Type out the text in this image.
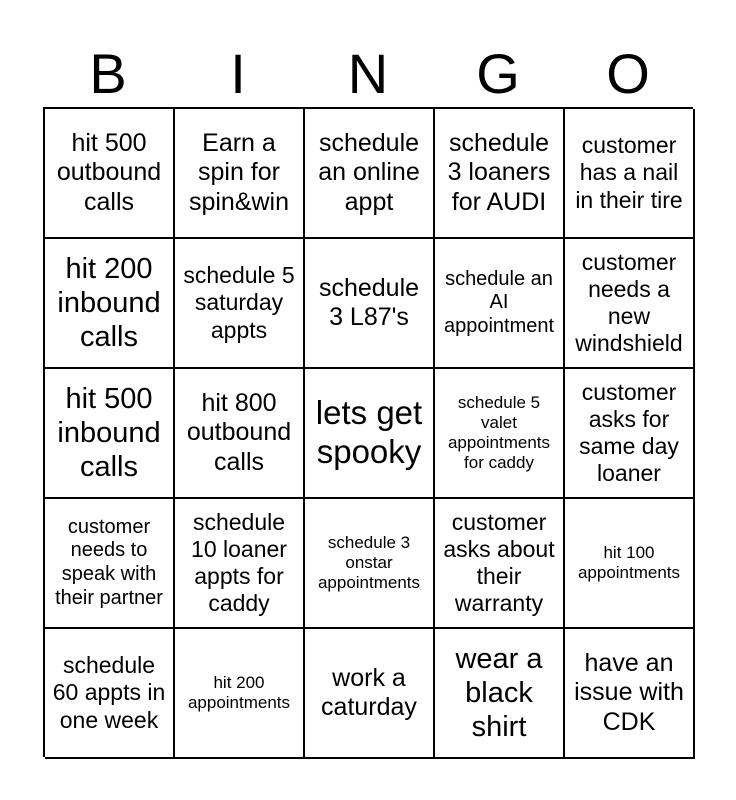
B	I	N	G	O
hit 500 outbound calls
Earn a spin for spin&win
schedule an online appt
schedule 3 loaners for AUDI
customer has a nail in their tire
hit 200 inbound calls
schedule 5 saturday appts
schedule 3 L87's
schedule an AI appointment
customer needs a new windshield
hit 500 inbound calls
hit 800 outbound calls
lets get spooky
schedule 5 valet appointments for caddy
customer asks for same day loaner
customer needs to speak with their partner
schedule 10 loaner appts for caddy
schedule 3 onstar appointments
customer asks about their warranty
hit 100 appointments
schedule 60 appts in one week
hit 200 appointments
work a caturday
wear a black shirt
have an issue with CDK
